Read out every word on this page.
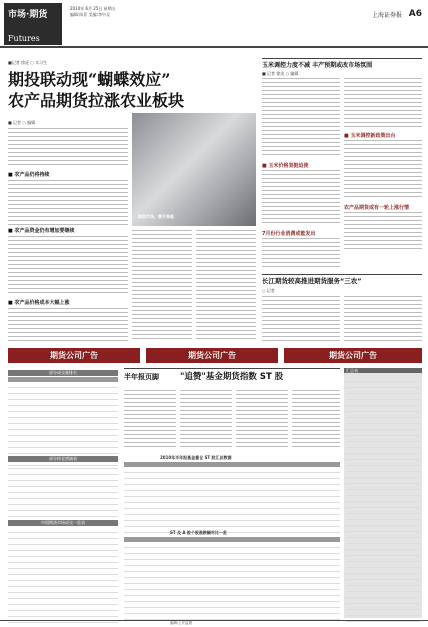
市场·期货
Futures
2010年 6月 25日 星期五
编辑:陈菲 美编:李中灵	上海证券报 A6
■记者 徐虎 ○ 实习生
期投联动现“蝴蝶效应”
农产品期货拉涨农业板块
期货市场，春天来临
■ 记者 ○ 编辑
■ 农产品仍将持续
■ 农产品资金仍有增加要继续
■ 农产品价格成本大幅上涨
玉米调控力度不减 丰产预期或改市场氛围
■ 记者 徐虎 ○ 编辑
■ 玉米调控新政策出台
■ 玉米价格坚挺迫使
农产品期货或有一轮上涨行情
7月份行业消费或能发出
长江期货较高推进期货服务“三农”
○ 记者
期货公司广告	期货公司广告	期货公司广告
部分成交量排名

部分持仓增减表

中国期货市场成交一览表

半年报页脚 "追赞"基金期货指数 ST 股
2010年半年报基金重仓 ST 股汇总数据

ST 及 A 股个股涨跌幅对比一览

汇总表

编辑:公开监督
